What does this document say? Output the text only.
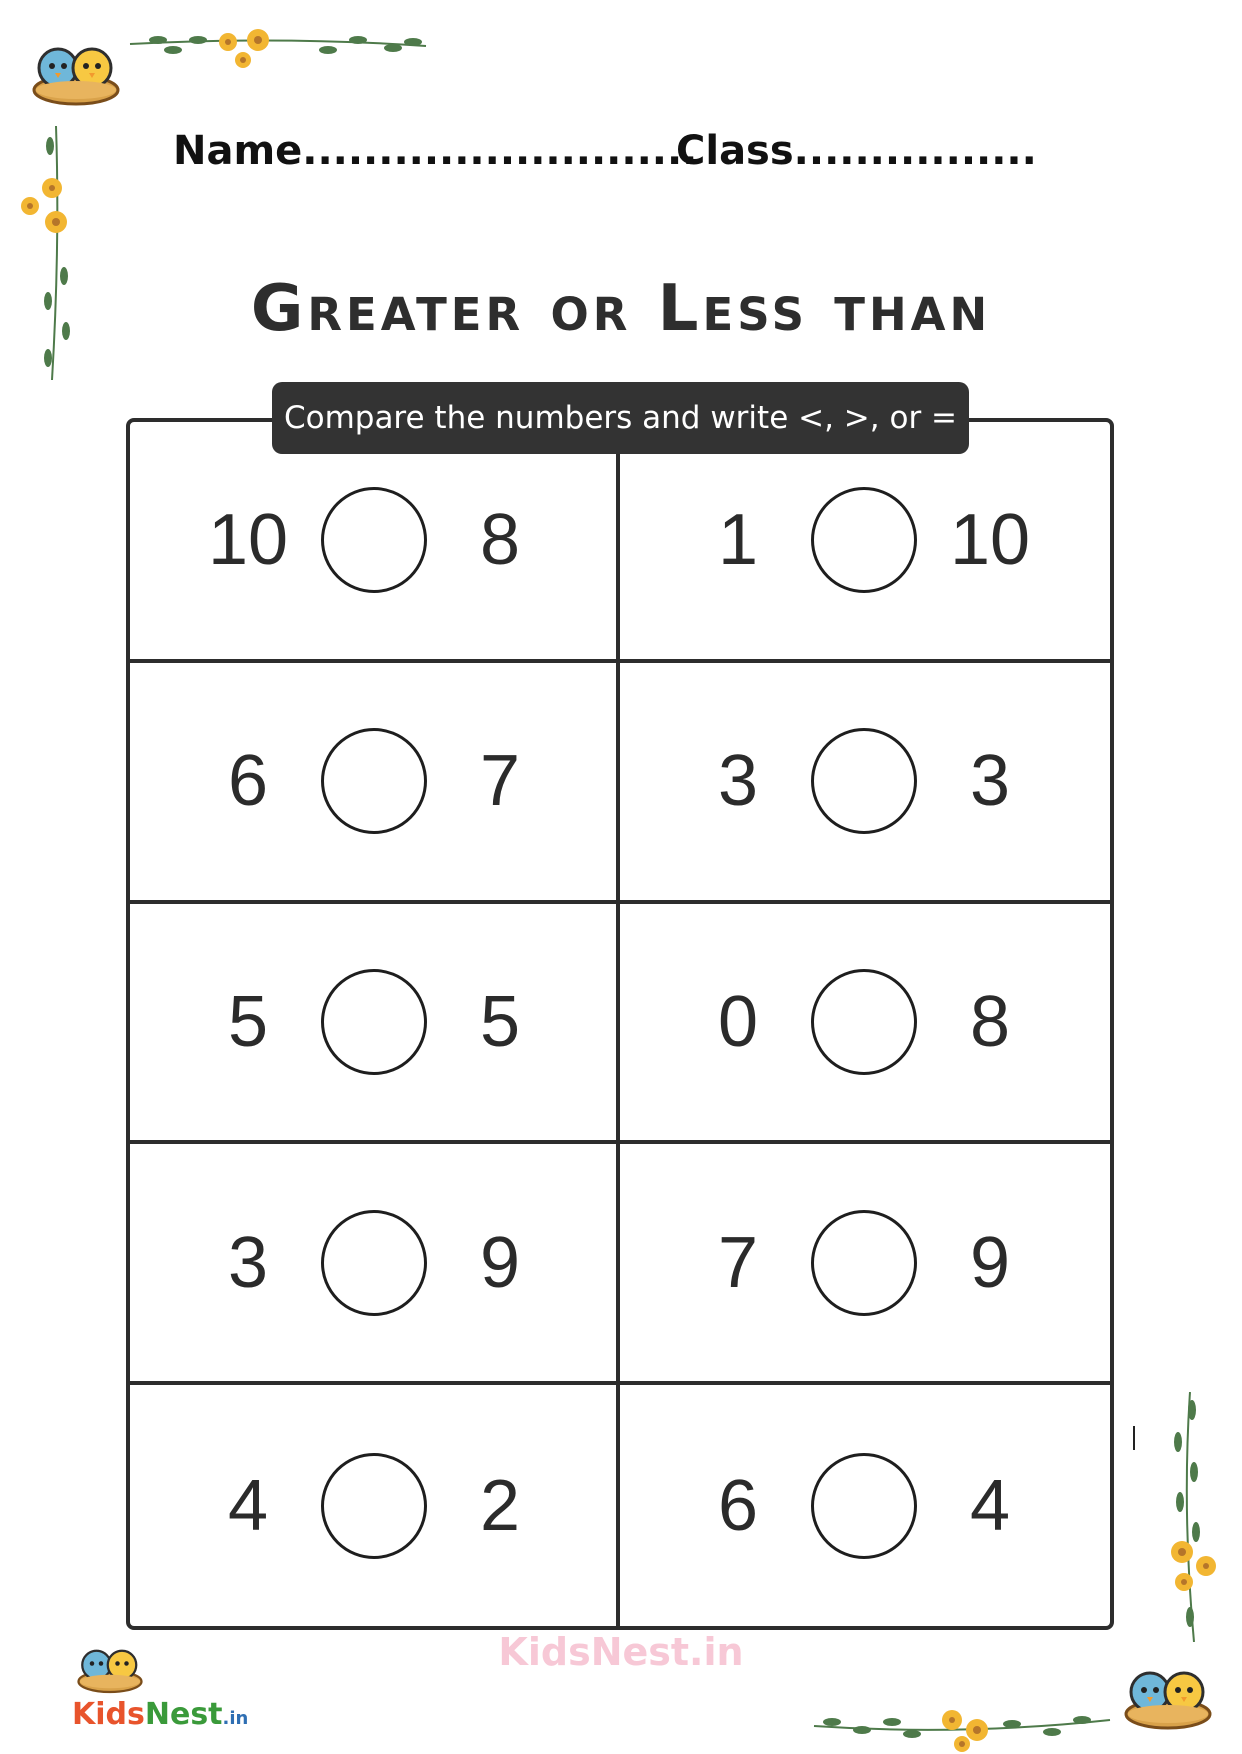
Name..........................
Class................
Greater or Less than
10	8	1	10
6	7	3	3
5	5	0	8
3	9	7	9
4	2	6	4
Compare the numbers and write <, >, or =
KidsNest.in
KidsNest.in
